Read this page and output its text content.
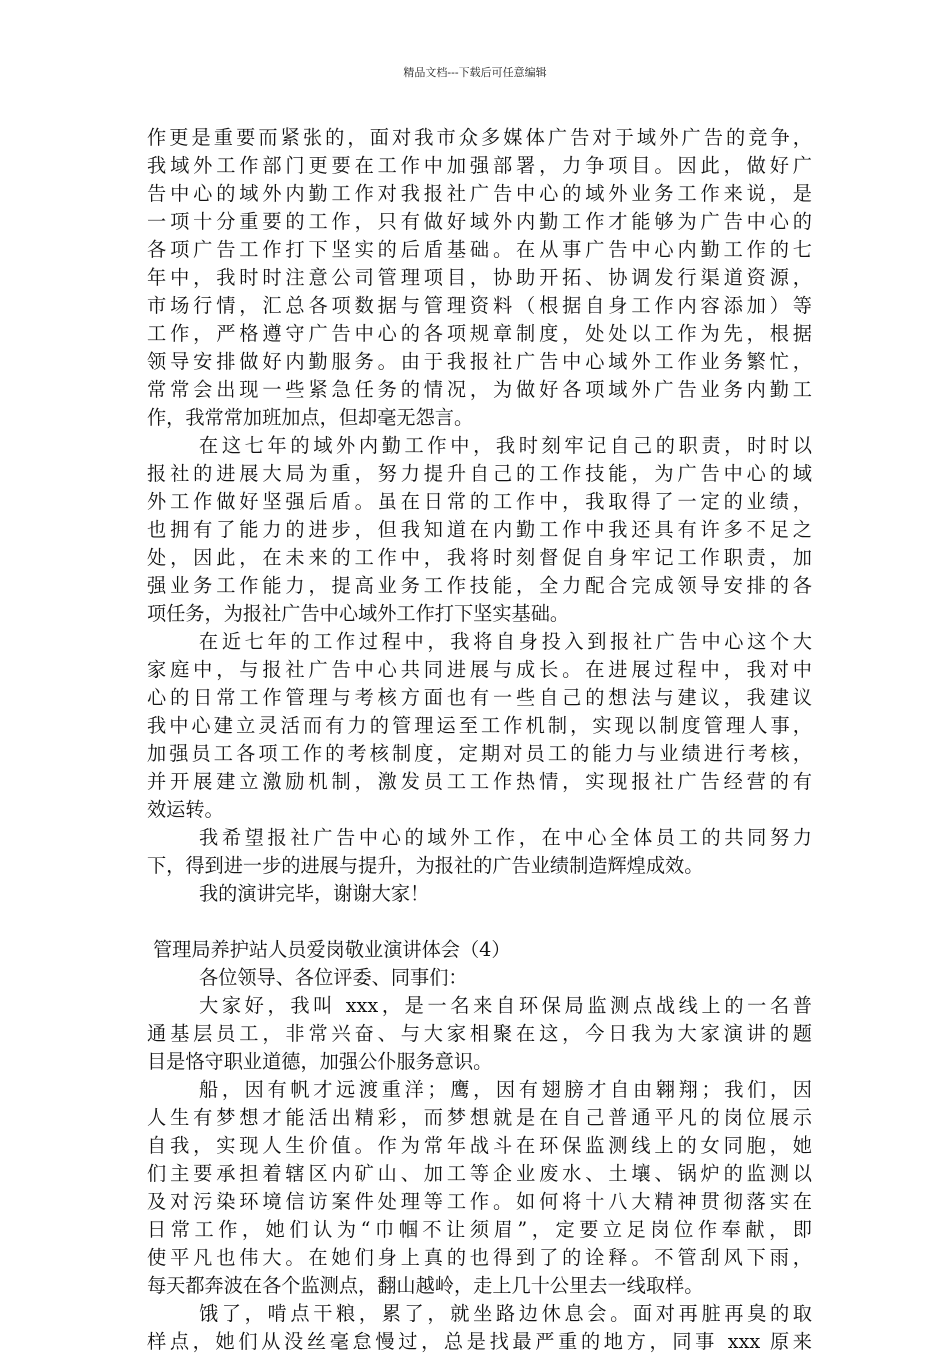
精品文档---下载后可任意编辑
作更是重要而紧张的，面对我市众多媒体广告对于域外广告的竞争，
我域外工作部门更要在工作中加强部署，力争项目。因此，做好广
告中心的域外内勤工作对我报社广告中心的域外业务工作来说，是
一项十分重要的工作，只有做好域外内勤工作才能够为广告中心的
各项广告工作打下坚实的后盾基础。在从事广告中心内勤工作的七
年中，我时时注意公司管理项目，协助开拓、协调发行渠道资源，
市场行情，汇总各项数据与管理资料（根据自身工作内容添加）等
工作，严格遵守广告中心的各项规章制度，处处以工作为先，根据
领导安排做好内勤服务。由于我报社广告中心域外工作业务繁忙，
常常会出现一些紧急任务的情况，为做好各项域外广告业务内勤工
作，我常常加班加点，但却毫无怨言。
在这七年的域外内勤工作中，我时刻牢记自己的职责，时时以
报社的进展大局为重，努力提升自己的工作技能，为广告中心的域
外工作做好坚强后盾。虽在日常的工作中，我取得了一定的业绩，
也拥有了能力的进步，但我知道在内勤工作中我还具有许多不足之
处，因此，在未来的工作中，我将时刻督促自身牢记工作职责，加
强业务工作能力，提高业务工作技能，全力配合完成领导安排的各
项任务，为报社广告中心域外工作打下坚实基础。
在近七年的工作过程中，我将自身投入到报社广告中心这个大
家庭中，与报社广告中心共同进展与成长。在进展过程中，我对中
心的日常工作管理与考核方面也有一些自己的想法与建议，我建议
我中心建立灵活而有力的管理运至工作机制，实现以制度管理人事，
加强员工各项工作的考核制度，定期对员工的能力与业绩进行考核，
并开展建立激励机制，激发员工工作热情，实现报社广告经营的有
效运转。
我希望报社广告中心的域外工作，在中心全体员工的共同努力
下，得到进一步的进展与提升，为报社的广告业绩制造辉煌成效。
我的演讲完毕，谢谢大家！
管理局养护站人员爱岗敬业演讲体会（4）
各位领导、各位评委、同事们：
大家好，我叫 xxx，是一名来自环保局监测点战线上的一名普
通基层员工，非常兴奋、与大家相聚在这，今日我为大家演讲的题
目是恪守职业道德，加强公仆服务意识。
船，因有帆才远渡重洋；鹰，因有翅膀才自由翱翔；我们，因
人生有梦想才能活出精彩，而梦想就是在自己普通平凡的岗位展示
自我，实现人生价值。作为常年战斗在环保监测线上的女同胞，她
们主要承担着辖区内矿山、加工等企业废水、土壤、锅炉的监测以
及对污染环境信访案件处理等工作。如何将十八大精神贯彻落实在
日常工作，她们认为“巾帼不让须眉”，定要立足岗位作奉献，即
使平凡也伟大。在她们身上真的也得到了的诠释。不管刮风下雨，
每天都奔波在各个监测点，翻山越岭，走上几十公里去一线取样。
饿了，啃点干粮，累了，就坐路边休息会。面对再脏再臭的取
样点，她们从没丝毫怠慢过，总是找最严重的地方，同事 xxx 原来
